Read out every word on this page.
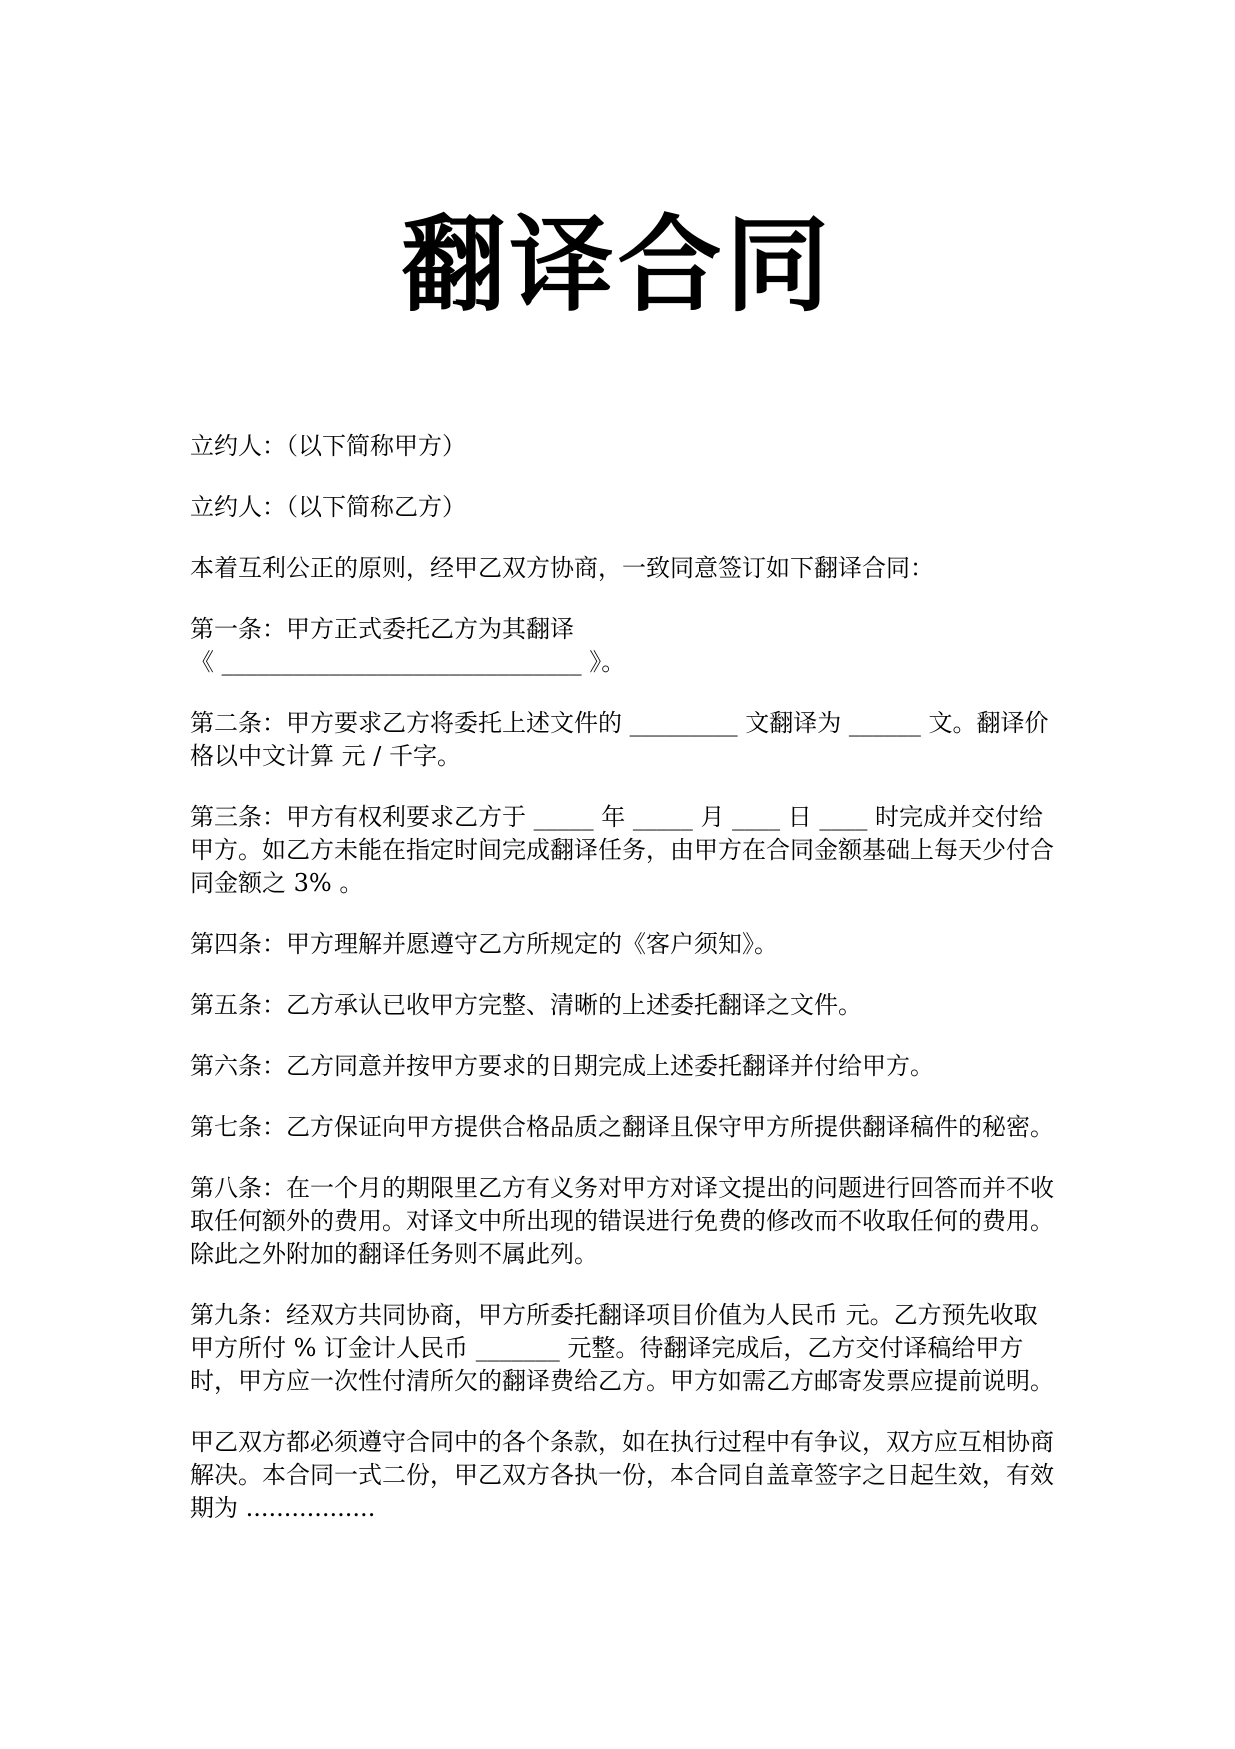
翻译合同

立约人：（以下简称甲方）

立约人：（以下简称乙方）

本着互利公正的原则，经甲乙双方协商，一致同意签订如下翻译合同：

第一条：甲方正式委托乙方为其翻译
《 ______________________________ 》。

第二条：甲方要求乙方将委托上述文件的 _________ 文翻译为 ______ 文。翻译价格以中文计算 元 / 千字。

第三条：甲方有权利要求乙方于 _____ 年 _____ 月 ____ 日 ____ 时完成并交付给甲方。如乙方未能在指定时间完成翻译任务，由甲方在合同金额基础上每天少付合同金额之 3% 。

第四条：甲方理解并愿遵守乙方所规定的《客户须知》。

第五条：乙方承认已收甲方完整、清晰的上述委托翻译之文件。

第六条：乙方同意并按甲方要求的日期完成上述委托翻译并付给甲方。

第七条：乙方保证向甲方提供合格品质之翻译且保守甲方所提供翻译稿件的秘密。

第八条：在一个月的期限里乙方有义务对甲方对译文提出的问题进行回答而并不收取任何额外的费用。对译文中所出现的错误进行免费的修改而不收取任何的费用。除此之外附加的翻译任务则不属此列。

第九条：经双方共同协商，甲方所委托翻译项目价值为人民币 元。乙方预先收取甲方所付 % 订金计人民币 _______ 元整。待翻译完成后，乙方交付译稿给甲方时，甲方应一次性付清所欠的翻译费给乙方。甲方如需乙方邮寄发票应提前说明。

甲乙双方都必须遵守合同中的各个条款，如在执行过程中有争议，双方应互相协商解决。本合同一式二份，甲乙双方各执一份，本合同自盖章签字之日起生效，有效期为 .................
